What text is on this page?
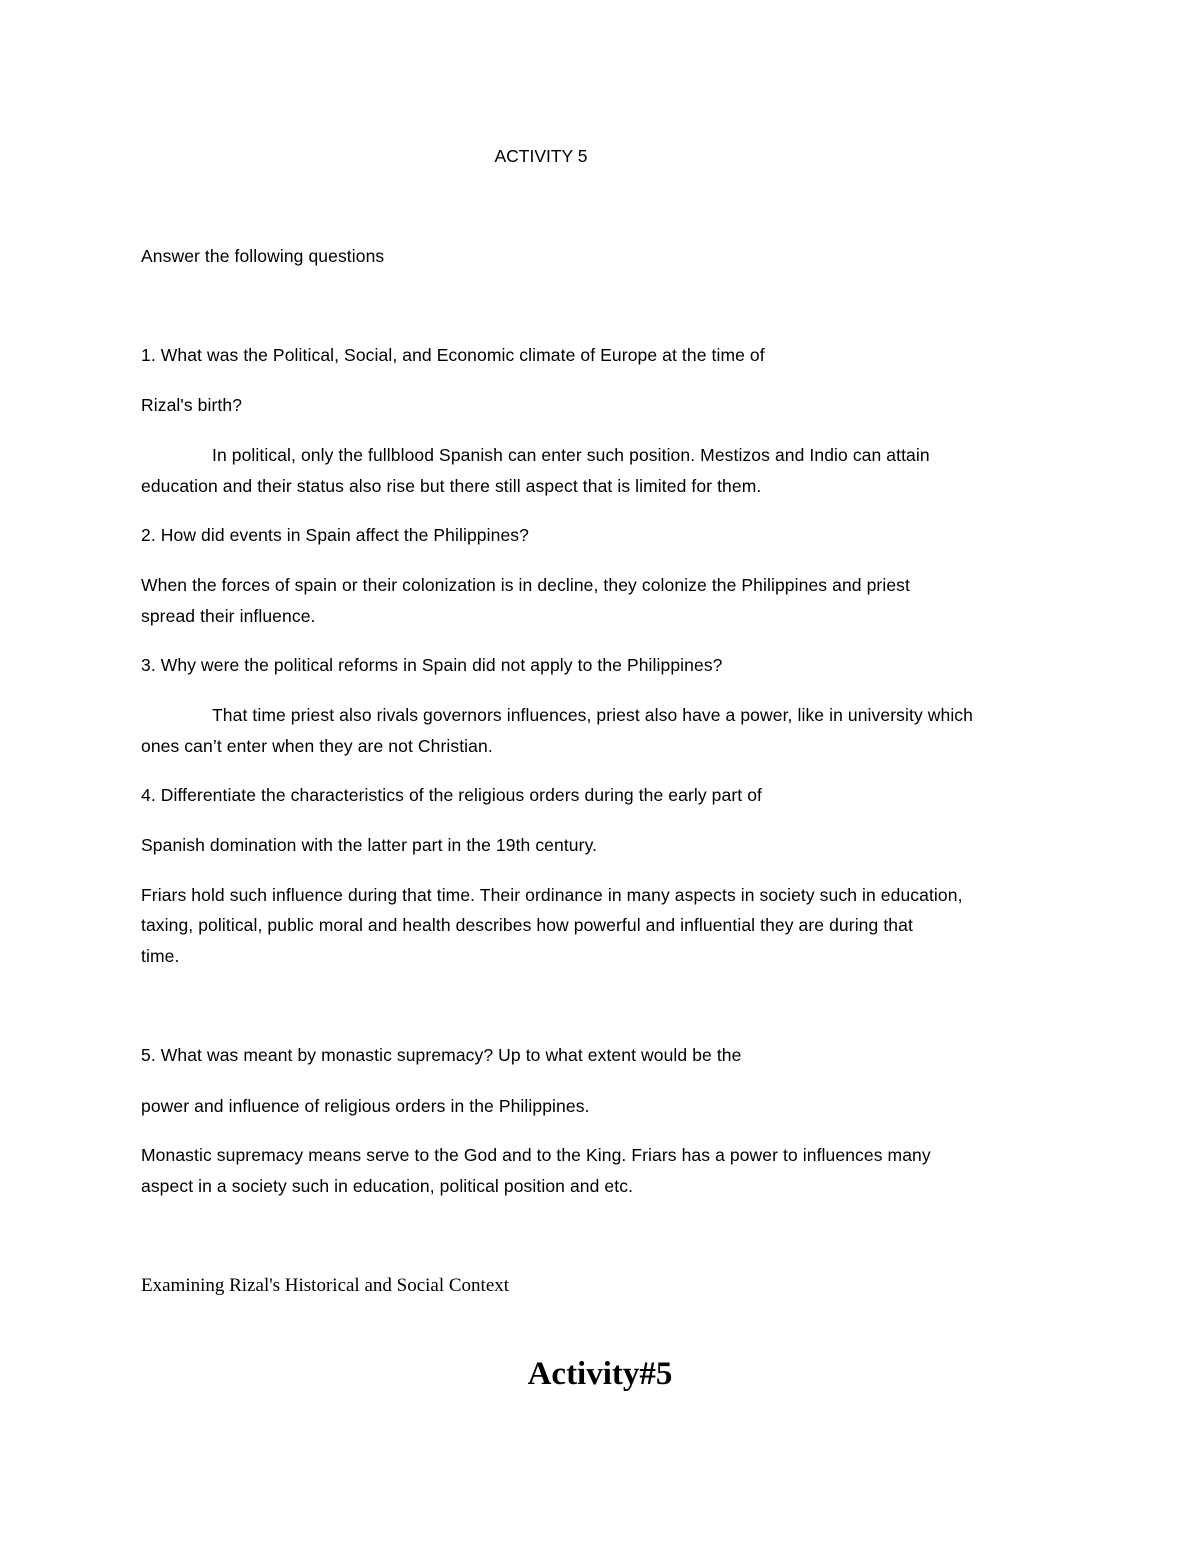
ACTIVITY 5

Answer the following questions

1. What was the Political, Social, and Economic climate of Europe at the time of

Rizal's birth?

In political, only the fullblood Spanish can enter such position. Mestizos and Indio can attain

education and their status also rise but there still aspect that is limited for them.

2. How did events in Spain affect the Philippines?

When the forces of spain or their colonization is in decline, they colonize the Philippines and priest

spread their influence.

3. Why were the political reforms in Spain did not apply to the Philippines?

That time priest also rivals governors influences, priest also have a power, like in university which

ones can’t enter when they are not Christian.

4. Differentiate the characteristics of the religious orders during the early part of

Spanish domination with the latter part in the 19th century.

Friars hold such influence during that time. Their ordinance in many aspects in society such in education,

taxing, political, public moral and health describes how powerful and influential they are during that

time.

5. What was meant by monastic supremacy? Up to what extent would be the

power and influence of religious orders in the Philippines.

Monastic supremacy means serve to the God and to the King. Friars has a power to influences many

aspect in a society such in education, political position and etc.

Examining Rizal's Historical and Social Context

Activity#5
